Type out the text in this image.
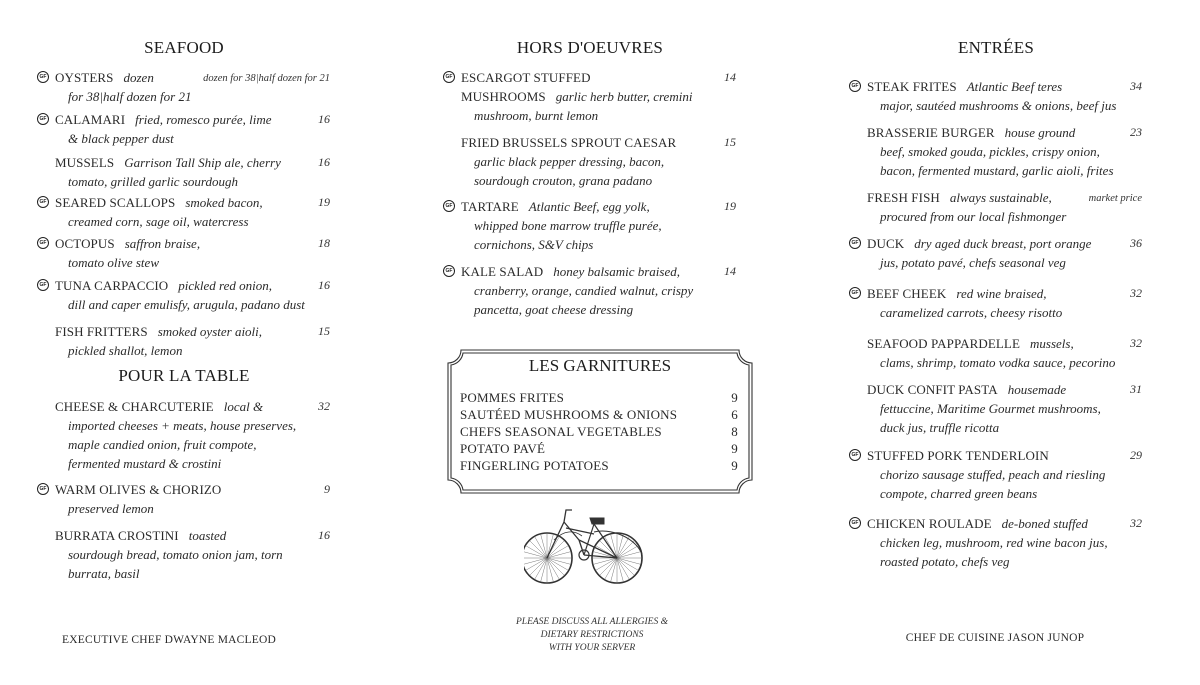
SEAFOOD
GF OYSTERS dozen	dozen for 38|half dozen for 21
for 38|half dozen for 21
GF CALAMARI fried, romesco purée, lime	16
& black pepper dust
MUSSELS Garrison Tall Ship ale, cherry	16
tomato, grilled garlic sourdough
GF SEARED SCALLOPS smoked bacon,	19
creamed corn, sage oil, watercress
GF OCTOPUS saffron braise,	18
tomato olive stew
GF TUNA CARPACCIO pickled red onion,	16
dill and caper emulisfy, arugula, padano dust
FISH FRITTERS smoked oyster aioli,	15
pickled shallot, lemon
POUR LA TABLE
CHEESE & CHARCUTERIE local &	32
imported cheeses + meats, house preserves,
maple candied onion, fruit compote,
fermented mustard & crostini
GF WARM OLIVES & CHORIZO	9
preserved lemon
BURRATA CROSTINI toasted	16
sourdough bread, tomato onion jam, torn
burrata, basil
HORS D'OEUVRES
GF ESCARGOT STUFFED	14
MUSHROOMS garlic herb butter, cremini
mushroom, burnt lemon
FRIED BRUSSELS SPROUT CAESAR	15
garlic black pepper dressing, bacon,
sourdough crouton, grana padano
GF TARTARE Atlantic Beef, egg yolk,	19
whipped bone marrow truffle purée,
cornichons, S&V chips
GF KALE SALAD honey balsamic braised,	14
cranberry, orange, candied walnut, crispy
pancetta, goat cheese dressing
LES GARNITURES
POMMES FRITES	9
SAUTÉED MUSHROOMS & ONIONS	6
CHEFS SEASONAL VEGETABLES	8
POTATO PAVÉ	9
FINGERLING POTATOES	9
PLEASE DISCUSS ALL ALLERGIES &
DIETARY RESTRICTIONS
WITH YOUR SERVER
ENTRÉES
GF STEAK FRITES Atlantic Beef teres	34
major, sautéed mushrooms & onions, beef jus
BRASSERIE BURGER house ground	23
beef, smoked gouda, pickles, crispy onion,
bacon, fermented mustard, garlic aioli, frites
FRESH FISH always sustainable,	market price
procured from our local fishmonger
GF DUCK dry aged duck breast, port orange	36
jus, potato pavé, chefs seasonal veg
GF BEEF CHEEK red wine braised,	32
caramelized carrots, cheesy risotto
SEAFOOD PAPPARDELLE mussels,	32
clams, shrimp, tomato vodka sauce, pecorino
DUCK CONFIT PASTA housemade	31
fettuccine, Maritime Gourmet mushrooms,
duck jus, truffle ricotta
GF STUFFED PORK TENDERLOIN	29
chorizo sausage stuffed, peach and riesling
compote, charred green beans
GF CHICKEN ROULADE de-boned stuffed	32
chicken leg, mushroom, red wine bacon jus,
roasted potato, chefs veg
EXECUTIVE CHEF DWAYNE MACLEOD	CHEF DE CUISINE JASON JUNOP
